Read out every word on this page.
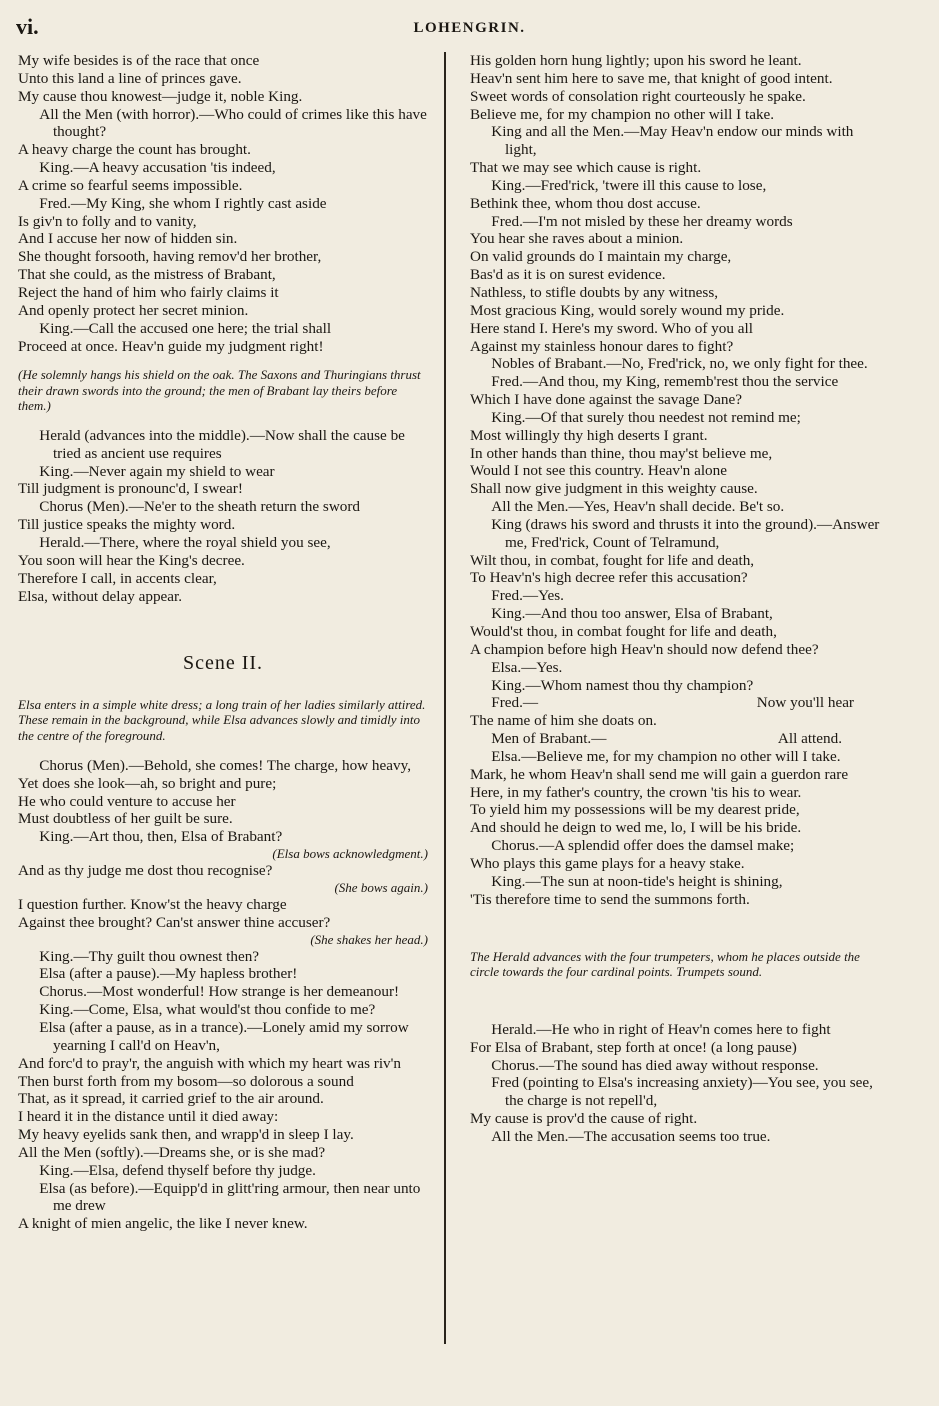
vi.	LOHENGRIN.

My wife besides is of the race that once

Unto this land a line of princes gave.

My cause thou knowest—judge it, noble King.

All the Men (with horror).—Who could of crimes like this have thought?

A heavy charge the count has brought.

King.—A heavy accusation 'tis indeed,

A crime so fearful seems impossible.

Fred.—My King, she whom I rightly cast aside

Is giv'n to folly and to vanity,

And I accuse her now of hidden sin.

She thought forsooth, having remov'd her brother,

That she could, as the mistress of Brabant,

Reject the hand of him who fairly claims it

And openly protect her secret minion.

King.—Call the accused one here; the trial shall

Proceed at once. Heav'n guide my judgment right!

(He solemnly hangs his shield on the oak. The Saxons and Thuringians thrust their drawn swords into the ground; the men of Brabant lay theirs before them.)

Herald (advances into the middle).—Now shall the cause be tried as ancient use requires

King.—Never again my shield to wear

Till judgment is pronounc'd, I swear!

Chorus (Men).—Ne'er to the sheath return the sword

Till justice speaks the mighty word.

Herald.—There, where the royal shield you see,

You soon will hear the King's decree.

Therefore I call, in accents clear,

Elsa, without delay appear.

Scene II.
Elsa enters in a simple white dress; a long train of her ladies similarly attired. These remain in the background, while Elsa advances slowly and timidly into the centre of the foreground.

Chorus (Men).—Behold, she comes! The charge, how heavy,

Yet does she look—ah, so bright and pure;

He who could venture to accuse her

Must doubtless of her guilt be sure.

King.—Art thou, then, Elsa of Brabant?

(Elsa bows acknowledgment.)

And as thy judge me dost thou recognise?

(She bows again.)

I question further. Know'st the heavy charge

Against thee brought? Can'st answer thine accuser?

(She shakes her head.)

King.—Thy guilt thou ownest then?

Elsa (after a pause).—My hapless brother!

Chorus.—Most wonderful! How strange is her demeanour!

King.—Come, Elsa, what would'st thou confide to me?

Elsa (after a pause, as in a trance).—Lonely amid my sorrow yearning I call'd on Heav'n,

And forc'd to pray'r, the anguish with which my heart was riv'n

Then burst forth from my bosom—so dolorous a sound

That, as it spread, it carried grief to the air around.

I heard it in the distance until it died away:

My heavy eyelids sank then, and wrapp'd in sleep I lay.

All the Men (softly).—Dreams she, or is she mad?

King.—Elsa, defend thyself before thy judge.

Elsa (as before).—Equipp'd in glitt'ring armour, then near unto me drew

A knight of mien angelic, the like I never knew.

His golden horn hung lightly; upon his sword he leant.

Heav'n sent him here to save me, that knight of good intent.

Sweet words of consolation right courteously he spake.

Believe me, for my champion no other will I take.

King and all the Men.—May Heav'n endow our minds with light,

That we may see which cause is right.

King.—Fred'rick, 'twere ill this cause to lose,

Bethink thee, whom thou dost accuse.

Fred.—I'm not misled by these her dreamy words

You hear she raves about a minion.

On valid grounds do I maintain my charge,

Bas'd as it is on surest evidence.

Nathless, to stifle doubts by any witness,

Most gracious King, would sorely wound my pride.

Here stand I. Here's my sword. Who of you all

Against my stainless honour dares to fight?

Nobles of Brabant.—No, Fred'rick, no, we only fight for thee.

Fred.—And thou, my King, rememb'rest thou the service

Which I have done against the savage Dane?

King.—Of that surely thou needest not remind me;

Most willingly thy high deserts I grant.

In other hands than thine, thou may'st believe me,

Would I not see this country. Heav'n alone

Shall now give judgment in this weighty cause.

All the Men.—Yes, Heav'n shall decide. Be't so.

King (draws his sword and thrusts it into the ground).—Answer me, Fred'rick, Count of Telramund,

Wilt thou, in combat, fought for life and death,

To Heav'n's high decree refer this accusation?

Fred.—Yes.

King.—And thou too answer, Elsa of Brabant,

Would'st thou, in combat fought for life and death,

A champion before high Heav'n should now defend thee?

Elsa.—Yes.

King.—Whom namest thou thy champion?

Fred.—	Now you'll hear

The name of him she doats on.

Men of Brabant.—	All attend.

Elsa.—Believe me, for my champion no other will I take.

Mark, he whom Heav'n shall send me will gain a guerdon rare

Here, in my father's country, the crown 'tis his to wear.

To yield him my possessions will be my dearest pride,

And should he deign to wed me, lo, I will be his bride.

Chorus.—A splendid offer does the damsel make;

Who plays this game plays for a heavy stake.

King.—The sun at noon-tide's height is shining,

'Tis therefore time to send the summons forth.

The Herald advances with the four trumpeters, whom he places outside the circle towards the four cardinal points. Trumpets sound.

Herald.—He who in right of Heav'n comes here to fight

For Elsa of Brabant, step forth at once! (a long pause)

Chorus.—The sound has died away without response.

Fred (pointing to Elsa's increasing anxiety)—You see, you see, the charge is not repell'd,

My cause is prov'd the cause of right.

All the Men.—The accusation seems too true.
